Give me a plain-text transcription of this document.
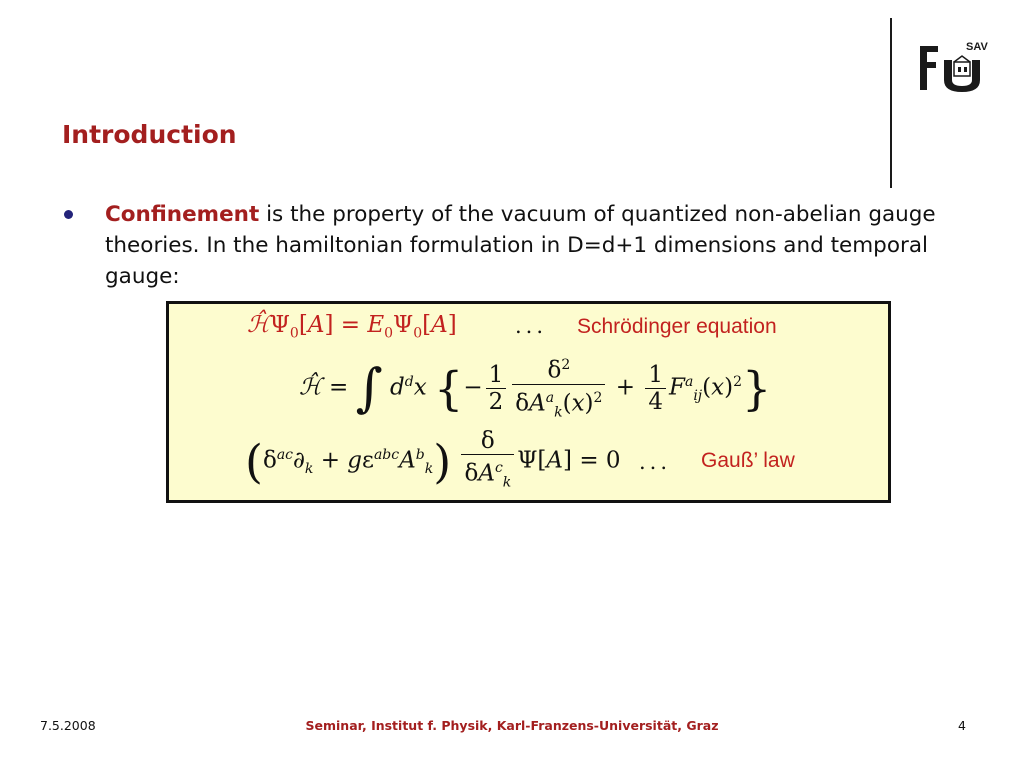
SAV
Introduction
Confinement is the property of the vacuum of quantized non-abelian gauge theories. In the hamiltonian formulation in D=d+1 dimensions and temporal gauge:
$ℋ̂\Psi_0[A] = E_0\Psi_0[A]$	... Schrödinger equation
ℋ̂ = ∫ $d^dx$ {− $\frac{1}{2} \frac{\delta^2}{\delta A^a_k(x)^2} + \frac{1}{4} F^a_{ij}(x)^2$}
$(\delta^{ac}\partial_k + g\varepsilon^{abc}A^b_k) \frac{\delta}{\delta A^c_k} \Psi[A] = 0$ ... Gauß’ law
7.5.2008	Seminar, Institut f. Physik, Karl-Franzens-Universität, Graz	4
